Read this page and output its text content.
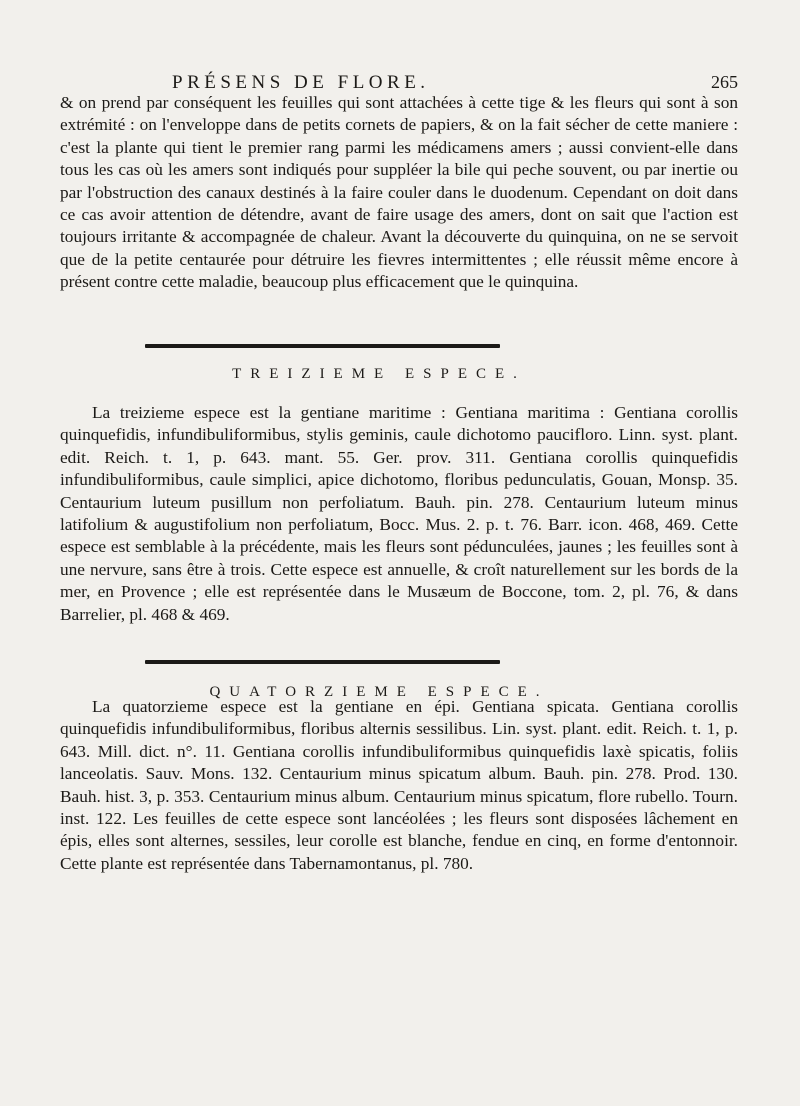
PRÉSENS DE FLORE.	265
& on prend par conséquent les feuilles qui sont attachées à cette tige & les fleurs qui sont à son extrémité : on l'enveloppe dans de petits cornets de papiers, & on la fait sécher de cette maniere : c'est la plante qui tient le premier rang parmi les médicamens amers ; aussi convient-elle dans tous les cas où les amers sont indiqués pour suppléer la bile qui peche souvent, ou par inertie ou par l'obstruction des canaux destinés à la faire couler dans le duodenum. Cependant on doit dans ce cas avoir attention de détendre, avant de faire usage des amers, dont on sait que l'action est toujours irritante & accompagnée de chaleur. Avant la découverte du quinquina, on ne se servoit que de la petite centaurée pour détruire les fievres intermittentes ; elle réussit même encore à présent contre cette maladie, beaucoup plus efficacement que le quinquina.
TREIZIEME ESPECE.
La treizieme espece est la gentiane maritime : Gentiana maritima : Gentiana corollis quinquefidis, infundibuliformibus, stylis geminis, caule dichotomo paucifloro. Linn. syst. plant. edit. Reich. t. 1, p. 643. mant. 55. Ger. prov. 311. Gentiana corollis quinquefidis infundibuliformibus, caule simplici, apice dichotomo, floribus pedunculatis, Gouan, Monsp. 35. Centaurium luteum pusillum non perfoliatum. Bauh. pin. 278. Centaurium luteum minus latifolium & augustifolium non perfoliatum, Bocc. Mus. 2. p. t. 76. Barr. icon. 468, 469. Cette espece est semblable à la précédente, mais les fleurs sont pédunculées, jaunes ; les feuilles sont à une nervure, sans être à trois. Cette espece est annuelle, & croît naturellement sur les bords de la mer, en Provence ; elle est représentée dans le Musæum de Boccone, tom. 2, pl. 76, & dans Barrelier, pl. 468 & 469.
QUATORZIEME ESPECE.
La quatorzieme espece est la gentiane en épi. Gentiana spicata. Gentiana corollis quinquefidis infundibuliformibus, floribus alternis sessilibus. Lin. syst. plant. edit. Reich. t. 1, p. 643. Mill. dict. n°. 11. Gentiana corollis infundibuliformibus quinquefidis laxè spicatis, foliis lanceolatis. Sauv. Mons. 132. Centaurium minus spicatum album. Bauh. pin. 278. Prod. 130. Bauh. hist. 3, p. 353. Centaurium minus album. Centaurium minus spicatum, flore rubello. Tourn. inst. 122. Les feuilles de cette espece sont lancéolées ; les fleurs sont disposées lâchement en épis, elles sont alternes, sessiles, leur corolle est blanche, fendue en cinq, en forme d'entonnoir. Cette plante est représentée dans Tabernamontanus, pl. 780.
